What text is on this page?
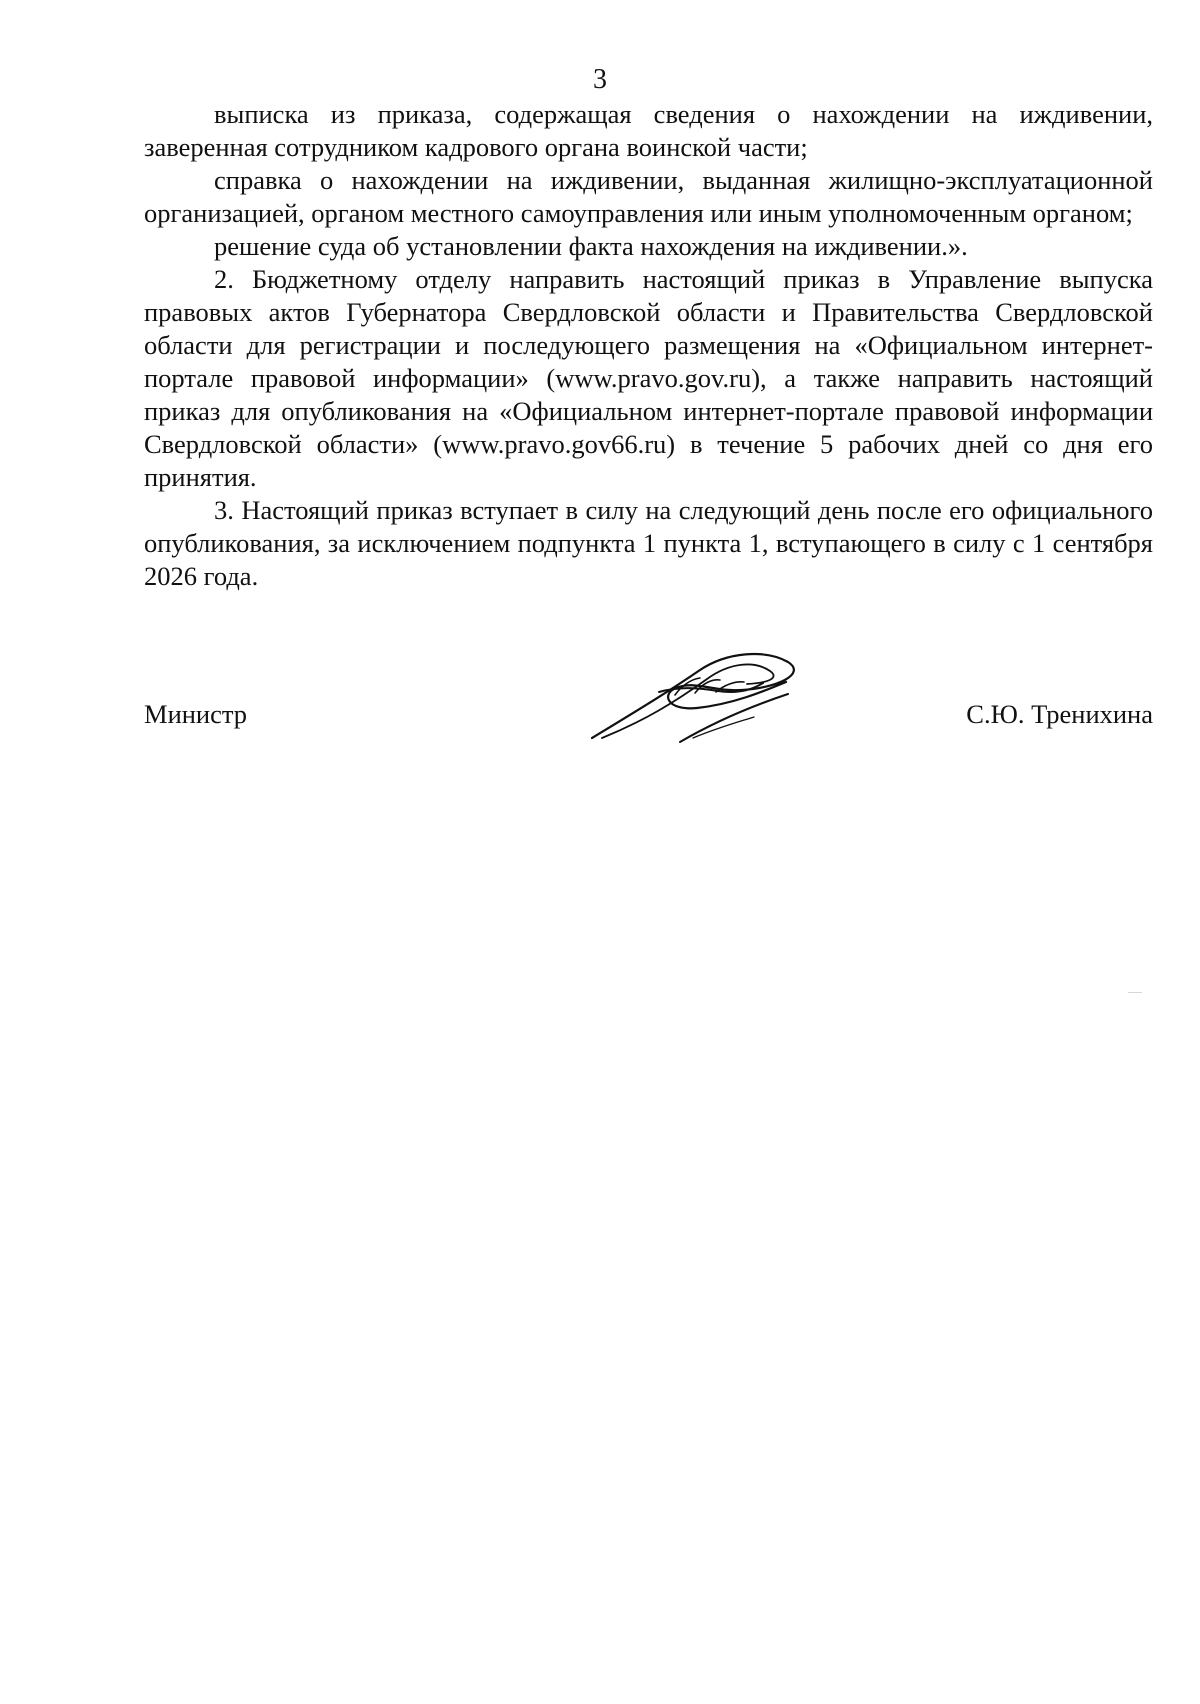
3

выписка из приказа, содержащая сведения о нахождении на иждивении, заверенная сотрудником кадрового органа воинской части;

справка о нахождении на иждивении, выданная жилищно-эксплуатационной организацией, органом местного самоуправления или иным уполномоченным органом;

решение суда об установлении факта нахождения на иждивении.».

2. Бюджетному отделу направить настоящий приказ в Управление выпуска правовых актов Губернатора Свердловской области и Правительства Свердловской области для регистрации и последующего размещения на «Официальном интернет-портале правовой информации» (www.pravo.gov.ru), а также направить настоящий приказ для опубликования на «Официальном интернет-портале правовой информации Свердловской области» (www.pravo.gov66.ru) в течение 5 рабочих дней со дня его принятия.

3. Настоящий приказ вступает в силу на следующий день после его официального опубликования, за исключением подпункта 1 пункта 1, вступающего в силу с 1 сентября 2026 года.

Министр	С.Ю. Тренихина
